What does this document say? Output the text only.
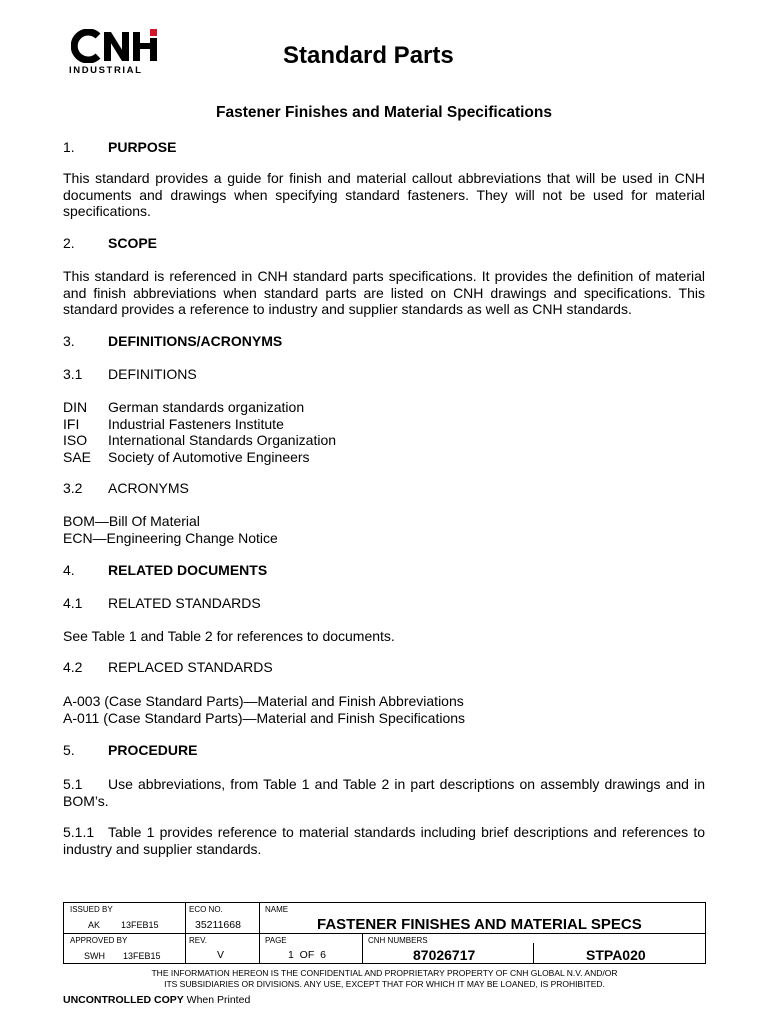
INDUSTRIAL
Standard Parts
Fastener Finishes and Material Specifications
1. PURPOSE
This standard provides a guide for finish and material callout abbreviations that will be used in CNH documents and drawings when specifying standard fasteners. They will not be used for material specifications.
2. SCOPE
This standard is referenced in CNH standard parts specifications. It provides the definition of material and finish abbreviations when standard parts are listed on CNH drawings and specifications. This standard provides a reference to industry and supplier standards as well as CNH standards.
3. DEFINITIONS/ACRONYMS
3.1 DEFINITIONS
DIN	German standards organization
IFI	Industrial Fasteners Institute
ISO	International Standards Organization
SAE	Society of Automotive Engineers
3.2 ACRONYMS
BOM—Bill Of Material
ECN—Engineering Change Notice
4. RELATED DOCUMENTS
4.1 RELATED STANDARDS
See Table 1 and Table 2 for references to documents.
4.2 REPLACED STANDARDS
A-003 (Case Standard Parts)—Material and Finish Abbreviations
A-011 (Case Standard Parts)—Material and Finish Specifications
5. PROCEDURE
5.1 Use abbreviations, from Table 1 and Table 2 in part descriptions on assembly drawings and in BOM’s.
5.1.1 Table 1 provides reference to material standards including brief descriptions and references to industry and supplier standards.
ISSUED BY
AK 13FEB15
ECO NO.
35211668
NAME
FASTENER FINISHES AND MATERIAL SPECS
APPROVED BY
SWH 13FEB15
REV.
V
PAGE
1  OF  6
CNH NUMBERS
87026717	STPA020
THE INFORMATION HEREON IS THE CONFIDENTIAL AND PROPRIETARY PROPERTY OF CNH GLOBAL N.V. AND/OR
ITS SUBSIDIARIES OR DIVISIONS. ANY USE, EXCEPT THAT FOR WHICH IT MAY BE LOANED, IS PROHIBITED.
UNCONTROLLED COPY When Printed
